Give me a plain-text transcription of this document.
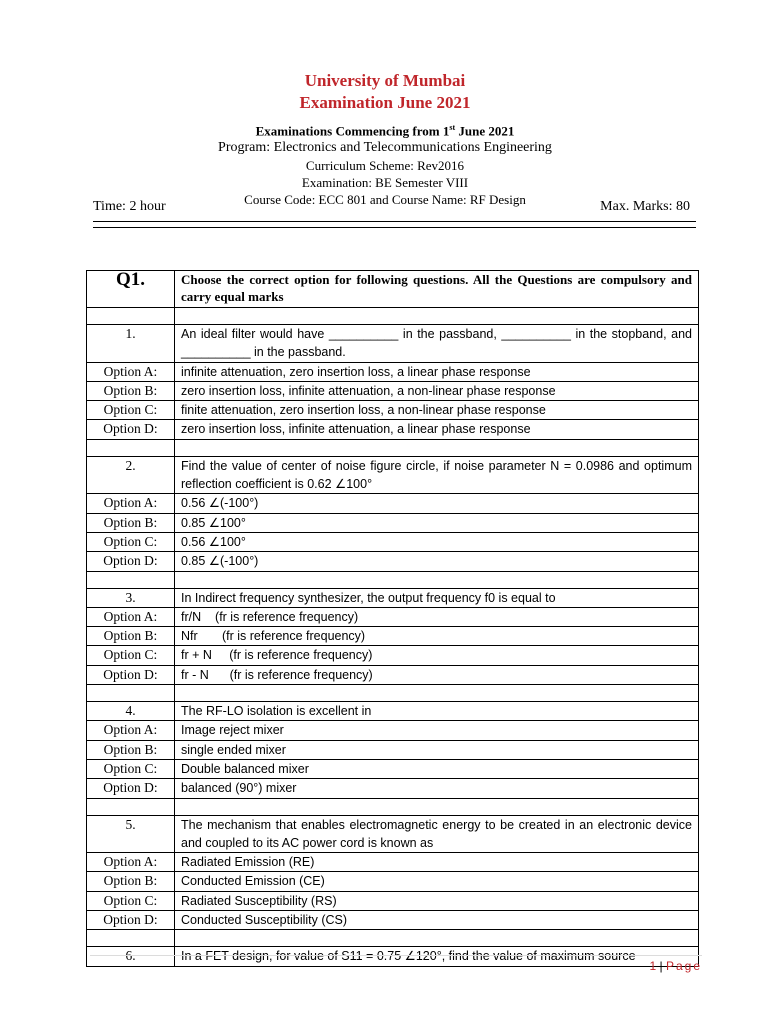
University of Mumbai
Examination June 2021
Examinations Commencing from 1st June 2021
Program: Electronics and Telecommunications Engineering
Curriculum Scheme: Rev2016
Examination: BE Semester VIII
Course Code: ECC 801 and Course Name: RF Design
Time: 2 hour	Max. Marks: 80
Q1.	Choose the correct option for following questions. All the Questions are compulsory and carry equal marks

1.	An ideal filter would have __________ in the passband, __________ in the stopband, and __________ in the passband.
Option A:	infinite attenuation, zero insertion loss, a linear phase response
Option B:	zero insertion loss, infinite attenuation, a non-linear phase response
Option C:	finite attenuation, zero insertion loss, a non-linear phase response
Option D:	zero insertion loss, infinite attenuation, a linear phase response

2.	Find the value of center of noise figure circle, if noise parameter N = 0.0986 and optimum reflection coefficient is 0.62 ∠100°
Option A:	0.56 ∠(-100°)
Option B:	0.85 ∠100°
Option C:	0.56 ∠100°
Option D:	0.85 ∠(-100°)

3.	In Indirect frequency synthesizer, the output frequency f0 is equal to
Option A:	fr/N    (fr is reference frequency)
Option B:	Nfr       (fr is reference frequency)
Option C:	fr + N     (fr is reference frequency)
Option D:	fr - N      (fr is reference frequency)

4.	The RF-LO isolation is excellent in
Option A:	Image reject mixer
Option B:	single ended mixer
Option C:	Double balanced mixer
Option D:	balanced (90°) mixer

5.	The mechanism that enables electromagnetic energy to be created in an electronic device and coupled to its AC power cord is known as
Option A:	Radiated Emission (RE)
Option B:	Conducted Emission (CE)
Option C:	Radiated Susceptibility (RS)
Option D:	Conducted Susceptibility (CS)

6.	In a FET design, for value of S11 = 0.75 ∠120°, find the value of maximum source
1 | Page
